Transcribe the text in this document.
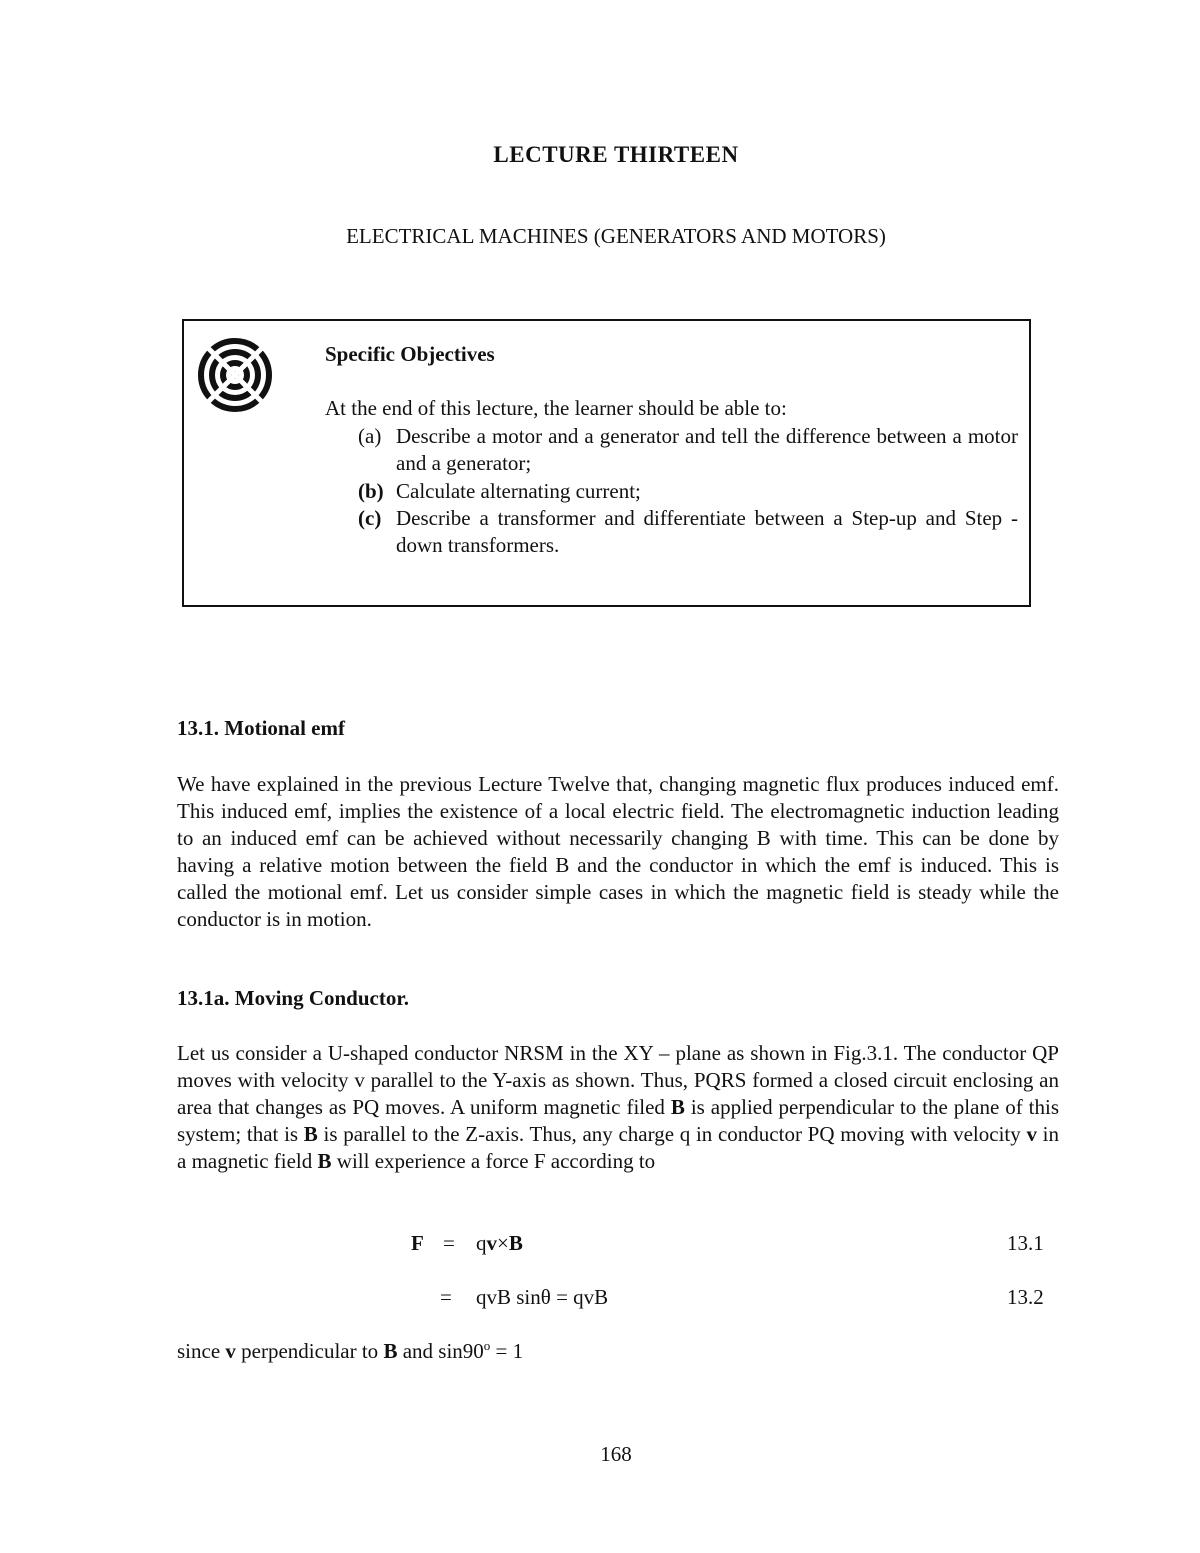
LECTURE THIRTEEN
ELECTRICAL MACHINES (GENERATORS AND MOTORS)
Specific Objectives
At the end of this lecture, the learner should be able to:
(a) Describe a motor and a generator and tell the difference between a motor and a generator;
(b) Calculate alternating current;
(c) Describe a transformer and differentiate between a Step-up and Step -down transformers.
13.1. Motional emf
We have explained in the previous Lecture Twelve that, changing magnetic flux produces induced emf. This induced emf, implies the existence of a local electric field. The electromagnetic induction leading to an induced emf can be achieved without necessarily changing B with time. This can be done by having a relative motion between the field B and the conductor in which the emf is induced. This is called the motional emf. Let us consider simple cases in which the magnetic field is steady while the conductor is in motion.
13.1a. Moving Conductor.
Let us consider a U-shaped conductor NRSM in the XY – plane as shown in Fig.3.1. The conductor QP moves with velocity v parallel to the Y-axis as shown. Thus, PQRS formed a closed circuit enclosing an area that changes as PQ moves. A uniform magnetic filed B is applied perpendicular to the plane of this system; that is B is parallel to the Z-axis. Thus, any charge q in conductor PQ moving with velocity v in a magnetic field B will experience a force F according to
F = qv×B	13.1
= qvB sinθ = qvB	13.2
since v perpendicular to B and $\sin 90^o = 1$
168
